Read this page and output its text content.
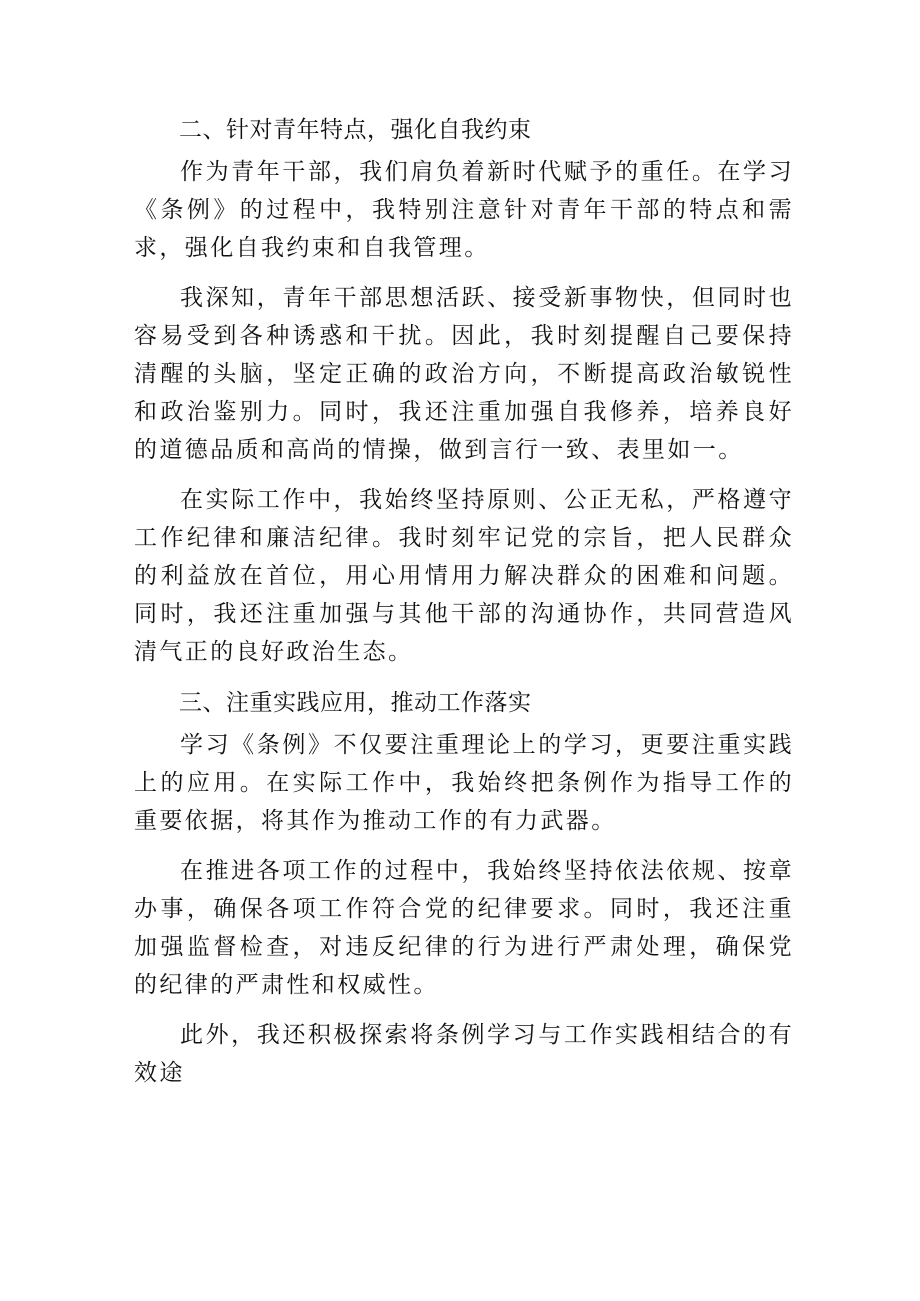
二、针对青年特点，强化自我约束

作为青年干部，我们肩负着新时代赋予的重任。在学习《条例》的过程中，我特别注意针对青年干部的特点和需求，强化自我约束和自我管理。

我深知，青年干部思想活跃、接受新事物快，但同时也容易受到各种诱惑和干扰。因此，我时刻提醒自己要保持清醒的头脑，坚定正确的政治方向，不断提高政治敏锐性和政治鉴别力。同时，我还注重加强自我修养，培养良好的道德品质和高尚的情操，做到言行一致、表里如一。

在实际工作中，我始终坚持原则、公正无私，严格遵守工作纪律和廉洁纪律。我时刻牢记党的宗旨，把人民群众的利益放在首位，用心用情用力解决群众的困难和问题。同时，我还注重加强与其他干部的沟通协作，共同营造风清气正的良好政治生态。

三、注重实践应用，推动工作落实

学习《条例》不仅要注重理论上的学习，更要注重实践上的应用。在实际工作中，我始终把条例作为指导工作的重要依据，将其作为推动工作的有力武器。

在推进各项工作的过程中，我始终坚持依法依规、按章办事，确保各项工作符合党的纪律要求。同时，我还注重加强监督检查，对违反纪律的行为进行严肃处理，确保党的纪律的严肃性和权威性。

此外，我还积极探索将条例学习与工作实践相结合的有效途
